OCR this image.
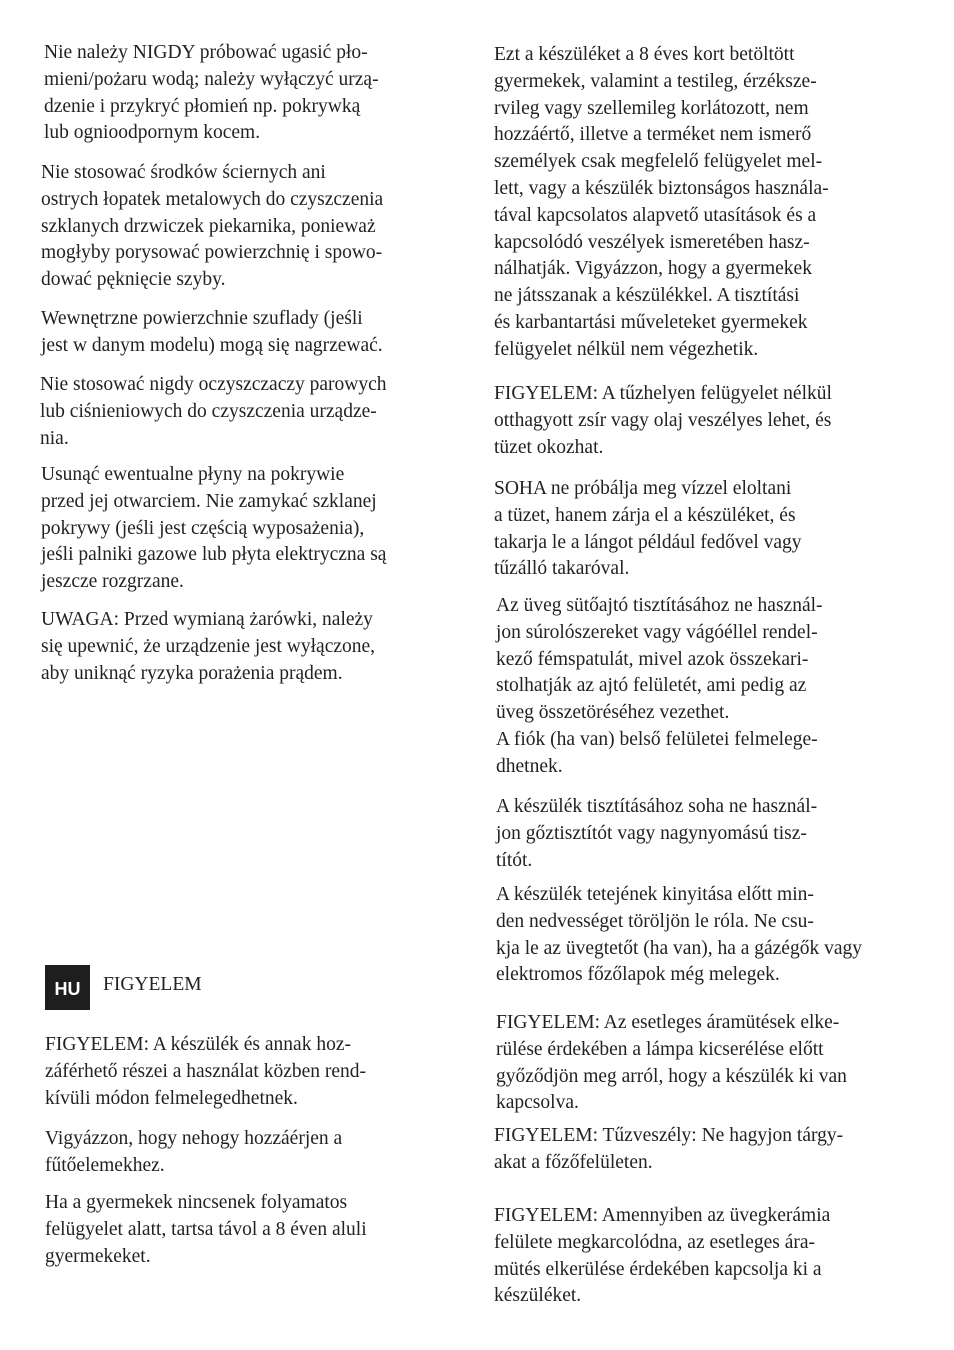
Nie należy NIGDY próbować ugasić pło-
mieni/pożaru wodą; należy wyłączyć urzą-
dzenie i przykryć płomień np. pokrywką
lub ognioodpornym kocem.

Nie stosować środków ściernych ani
ostrych łopatek metalowych do czyszczenia
szklanych drzwiczek piekarnika, ponieważ
mogłyby porysować powierzchnię i spowo-
dować pęknięcie szyby.

Wewnętrzne powierzchnie szuflady (jeśli
jest w danym modelu) mogą się nagrzewać.

Nie stosować nigdy oczyszczaczy parowych
lub ciśnieniowych do czyszczenia urządze-
nia.

Usunąć ewentualne płyny na pokrywie
przed jej otwarciem. Nie zamykać szklanej
pokrywy (jeśli jest częścią wyposażenia),
jeśli palniki gazowe lub płyta elektryczna są
jeszcze rozgrzane.

UWAGA: Przed wymianą żarówki, należy
się upewnić, że urządzenie jest wyłączone,
aby uniknąć ryzyka porażenia prądem.

HU	FIGYELEM

FIGYELEM: A készülék és annak hoz-
záférhető részei a használat közben rend-
kívüli módon felmelegedhetnek.

Vigyázzon, hogy nehogy hozzáérjen a
fűtőelemekhez.

Ha a gyermekek nincsenek folyamatos
felügyelet alatt, tartsa távol a 8 éven aluli
gyermekeket.

Ezt a készüléket a 8 éves kort betöltött
gyermekek, valamint a testileg, érzéksze-
rvileg vagy szellemileg korlátozott, nem
hozzáértő, illetve a terméket nem ismerő
személyek csak megfelelő felügyelet mel-
lett, vagy a készülék biztonságos használa-
tával kapcsolatos alapvető utasítások és a
kapcsolódó veszélyek ismeretében hasz-
nálhatják. Vigyázzon, hogy a gyermekek
ne játsszanak a készülékkel. A tisztítási
és karbantartási műveleteket gyermekek
felügyelet nélkül nem végezhetik.

FIGYELEM: A tűzhelyen felügyelet nélkül
otthagyott zsír vagy olaj veszélyes lehet, és
tüzet okozhat.

SOHA ne próbálja meg vízzel eloltani
a tüzet, hanem zárja el a készüléket, és
takarja le a lángot például fedővel vagy
tűzálló takaróval.

Az üveg sütőajtó tisztításához ne használ-
jon súrolószereket vagy vágóéllel rendel-
kező fémspatulát, mivel azok összekari-
stolhatják az ajtó felületét, ami pedig az
üveg összetöréséhez vezethet.
A fiók (ha van) belső felületei felmelege-
dhetnek.

A készülék tisztításához soha ne használ-
jon gőztisztítót vagy nagynyomású tisz-
títót.

A készülék tetejének kinyitása előtt min-
den nedvességet töröljön le róla. Ne csu-
kja le az üvegtetőt (ha van), ha a gázégők vagy
elektromos főzőlapok még melegek.

FIGYELEM: Az esetleges áramütések elke-
rülése érdekében a lámpa kicserélése előtt
győződjön meg arról, hogy a készülék ki van
kapcsolva.

FIGYELEM: Tűzveszély: Ne hagyjon tárgy-
akat a főzőfelületen.

FIGYELEM: Amennyiben az üvegkerámia
felülete megkarcolódna, az esetleges ára-
mütés elkerülése érdekében kapcsolja ki a
készüléket.
